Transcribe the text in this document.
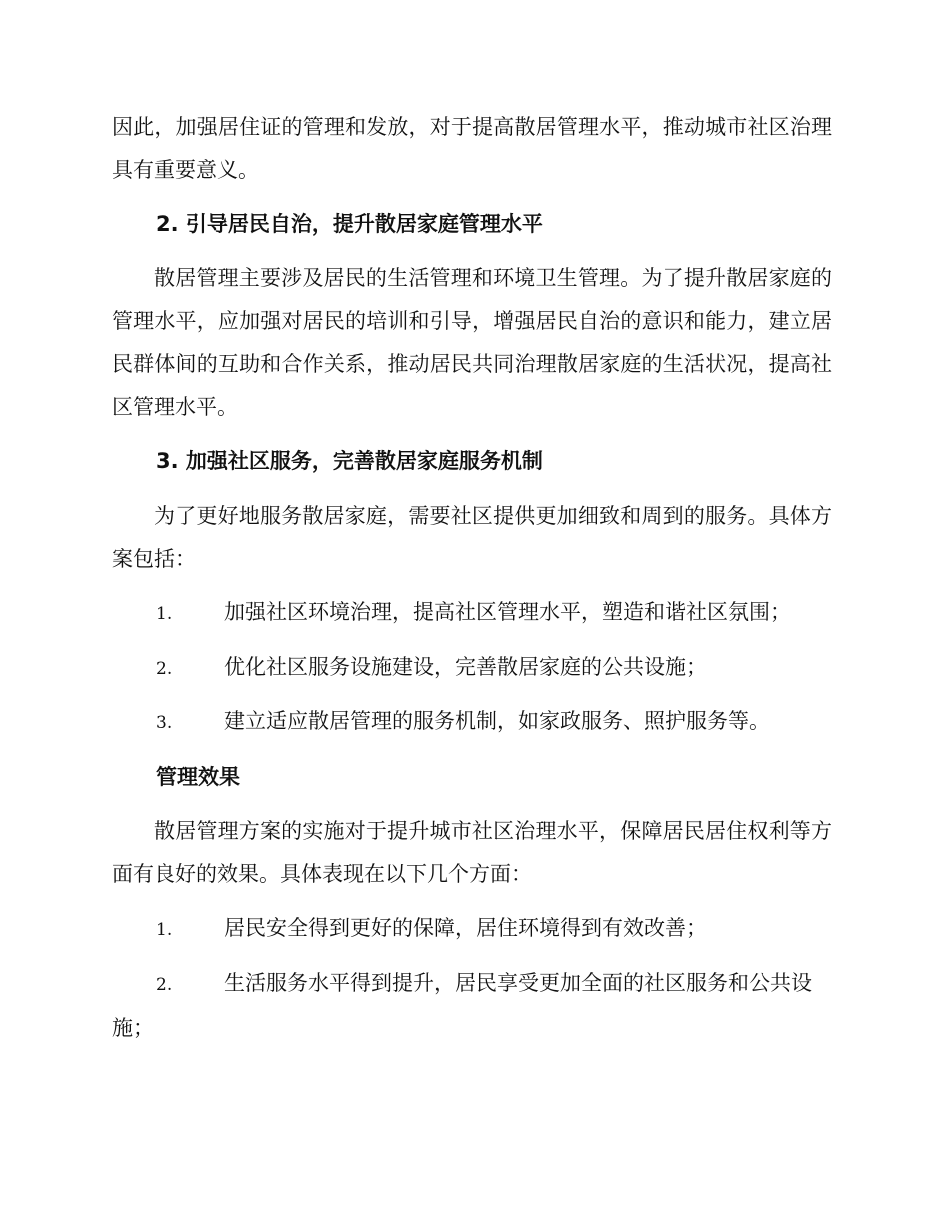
因此，加强居住证的管理和发放，对于提高散居管理水平，推动城市社区治理具有重要意义。
2. 引导居民自治，提升散居家庭管理水平
散居管理主要涉及居民的生活管理和环境卫生管理。为了提升散居家庭的管理水平，应加强对居民的培训和引导，增强居民自治的意识和能力，建立居民群体间的互助和合作关系，推动居民共同治理散居家庭的生活状况，提高社区管理水平。
3. 加强社区服务，完善散居家庭服务机制
为了更好地服务散居家庭，需要社区提供更加细致和周到的服务。具体方案包括：
1. 加强社区环境治理，提高社区管理水平，塑造和谐社区氛围；
2. 优化社区服务设施建设，完善散居家庭的公共设施；
3. 建立适应散居管理的服务机制，如家政服务、照护服务等。
管理效果
散居管理方案的实施对于提升城市社区治理水平，保障居民居住权利等方面有良好的效果。具体表现在以下几个方面：
1. 居民安全得到更好的保障，居住环境得到有效改善；
2. 生活服务水平得到提升，居民享受更加全面的社区服务和公共设
施；
